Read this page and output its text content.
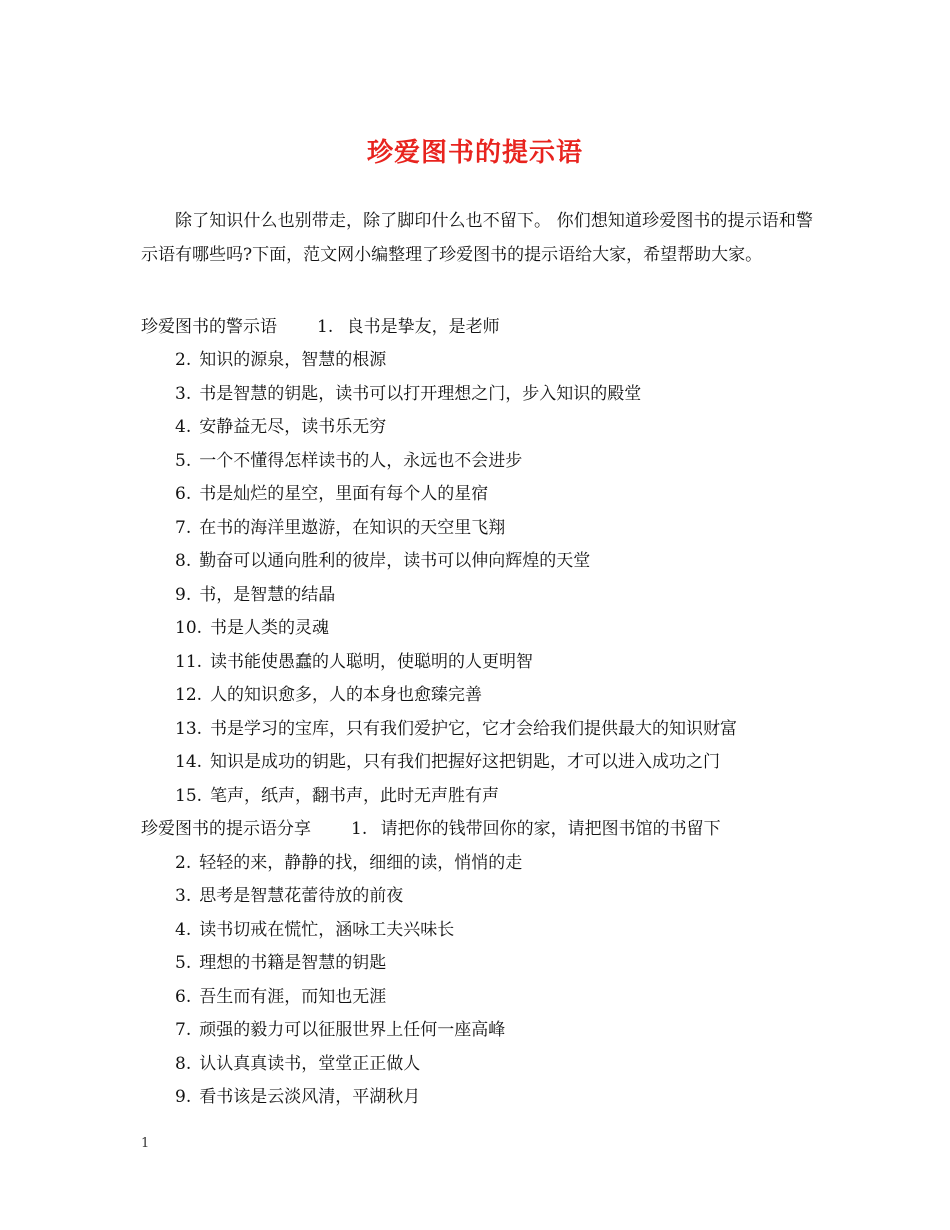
珍爱图书的提示语
除了知识什么也别带走，除了脚印什么也不留下。 你们想知道珍爱图书的提示语和警示语有哪些吗?下面，范文网小编整理了珍爱图书的提示语给大家，希望帮助大家。
珍爱图书的警示语 1. 良书是挚友，是老师
2. 知识的源泉，智慧的根源
3. 书是智慧的钥匙，读书可以打开理想之门，步入知识的殿堂
4. 安静益无尽，读书乐无穷
5. 一个不懂得怎样读书的人，永远也不会进步
6. 书是灿烂的星空，里面有每个人的星宿
7. 在书的海洋里遨游，在知识的天空里飞翔
8. 勤奋可以通向胜利的彼岸，读书可以伸向辉煌的天堂
9. 书，是智慧的结晶
10. 书是人类的灵魂
11. 读书能使愚蠢的人聪明，使聪明的人更明智
12. 人的知识愈多，人的本身也愈臻完善
13. 书是学习的宝库，只有我们爱护它，它才会给我们提供最大的知识财富
14. 知识是成功的钥匙，只有我们把握好这把钥匙，才可以进入成功之门
15. 笔声，纸声，翻书声，此时无声胜有声
珍爱图书的提示语分享 1. 请把你的钱带回你的家，请把图书馆的书留下
2. 轻轻的来，静静的找，细细的读，悄悄的走
3. 思考是智慧花蕾待放的前夜
4. 读书切戒在慌忙，涵咏工夫兴味长
5. 理想的书籍是智慧的钥匙
6. 吾生而有涯，而知也无涯
7. 顽强的毅力可以征服世界上任何一座高峰
8. 认认真真读书，堂堂正正做人
9. 看书该是云淡风清，平湖秋月
1
